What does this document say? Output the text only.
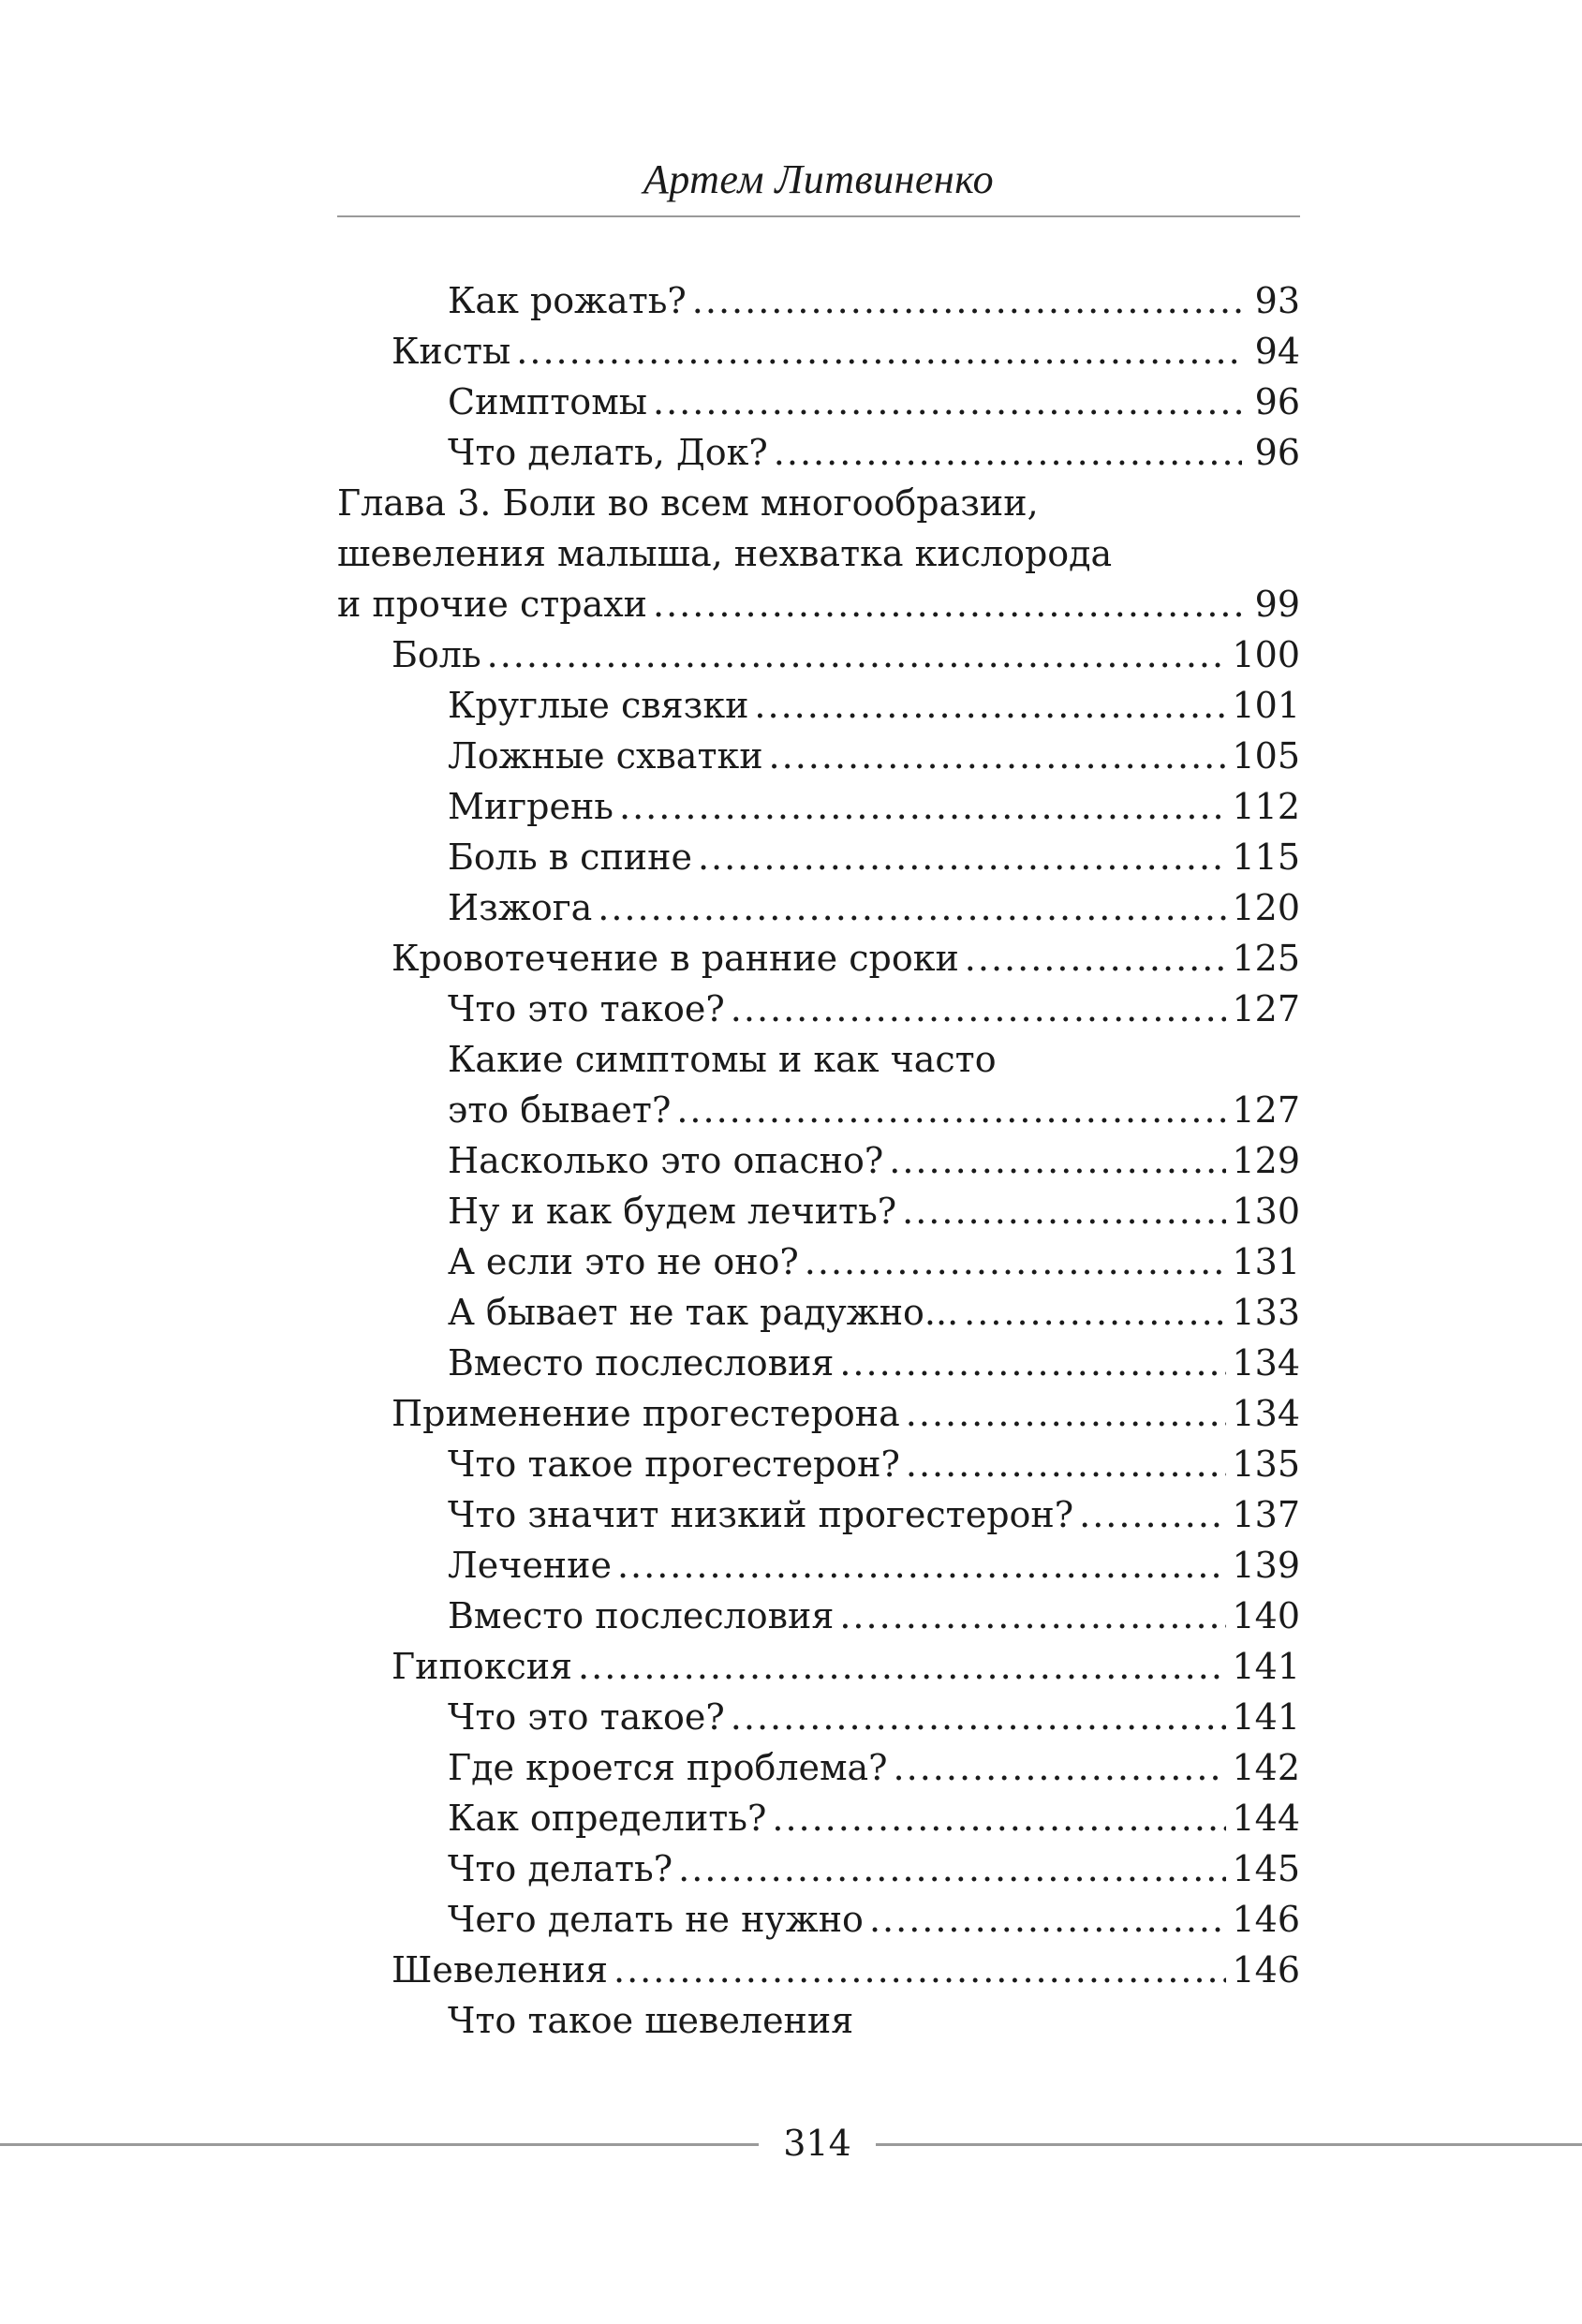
Артем Литвиненко
Как рожать? .....	93
Кисты .....	94
Симптомы .....	96
Что делать, Док? .....	96
Глава 3. Боли во всем многообразии,
шевеления малыша, нехватка кислорода
и прочие страхи .....	99
Боль .....	100
Круглые связки .....	101
Ложные схватки .....	105
Мигрень .....	112
Боль в спине .....	115
Изжога .....	120
Кровотечение в ранние сроки .....	125
Что это такое? .....	127
Какие симптомы и как часто
это бывает? .....	127
Насколько это опасно? .....	129
Ну и как будем лечить? .....	130
А если это не оно? .....	131
А бывает не так радужно... .....	133
Вместо послесловия .....	134
Применение прогестерона .....	134
Что такое прогестерон? .....	135
Что значит низкий прогестерон? .....	137
Лечение .....	139
Вместо послесловия .....	140
Гипоксия .....	141
Что это такое? .....	141
Где кроется проблема? .....	142
Как определить? .....	144
Что делать? .....	145
Чего делать не нужно .....	146
Шевеления .....	146
Что такое шевеления
314
